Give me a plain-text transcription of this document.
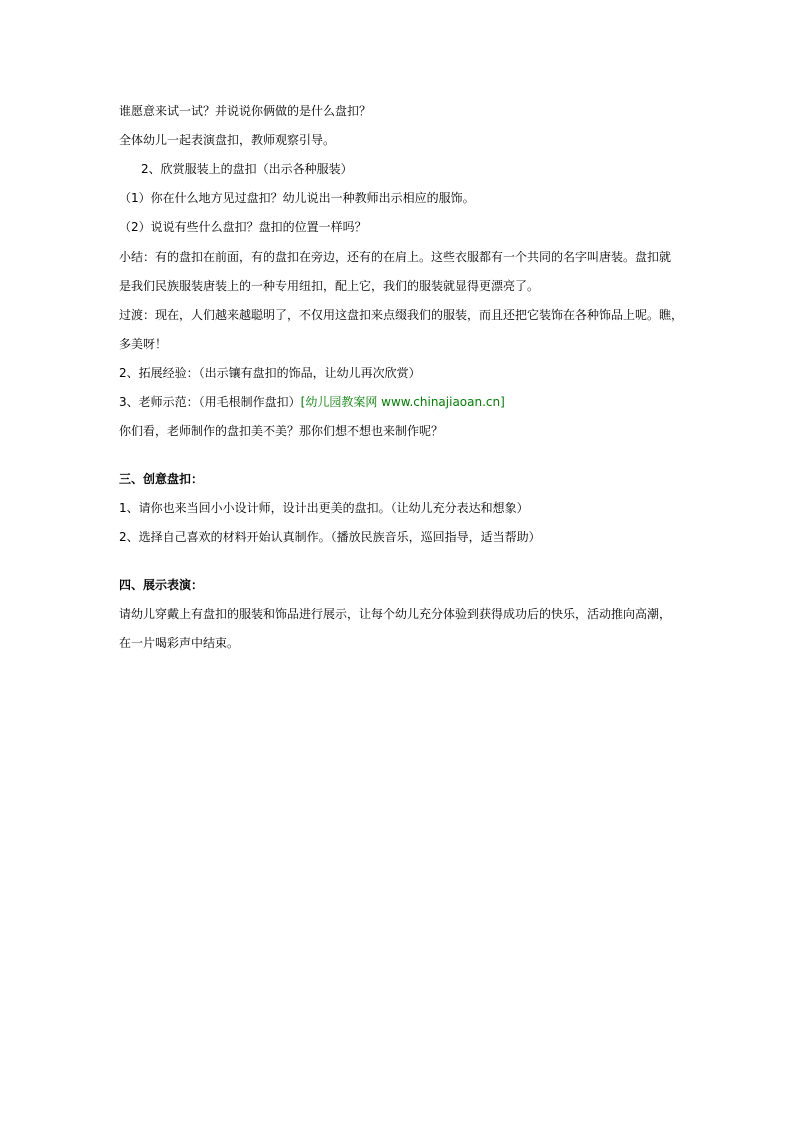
谁愿意来试一试？并说说你俩做的是什么盘扣？
全体幼儿一起表演盘扣，教师观察引导。
2、欣赏服装上的盘扣（出示各种服装）
（1）你在什么地方见过盘扣？幼儿说出一种教师出示相应的服饰。
（2）说说有些什么盘扣？盘扣的位置一样吗？
小结：有的盘扣在前面，有的盘扣在旁边，还有的在肩上。这些衣服都有一个共同的名字叫唐装。盘扣就
是我们民族服装唐装上的一种专用纽扣，配上它，我们的服装就显得更漂亮了。
过渡：现在，人们越来越聪明了，不仅用这盘扣来点缀我们的服装，而且还把它装饰在各种饰品上呢。瞧，
多美呀！
2、拓展经验：（出示镶有盘扣的饰品，让幼儿再次欣赏）
3、老师示范：（用毛根制作盘扣）[幼儿园教案网 www.chinajiaoan.cn]
你们看，老师制作的盘扣美不美？那你们想不想也来制作呢？
三、创意盘扣：
1、请你也来当回小小设计师，设计出更美的盘扣。（让幼儿充分表达和想象）
2、选择自己喜欢的材料开始认真制作。（播放民族音乐，巡回指导，适当帮助）
四、展示表演：
请幼儿穿戴上有盘扣的服装和饰品进行展示，让每个幼儿充分体验到获得成功后的快乐，活动推向高潮，
在一片喝彩声中结束。
